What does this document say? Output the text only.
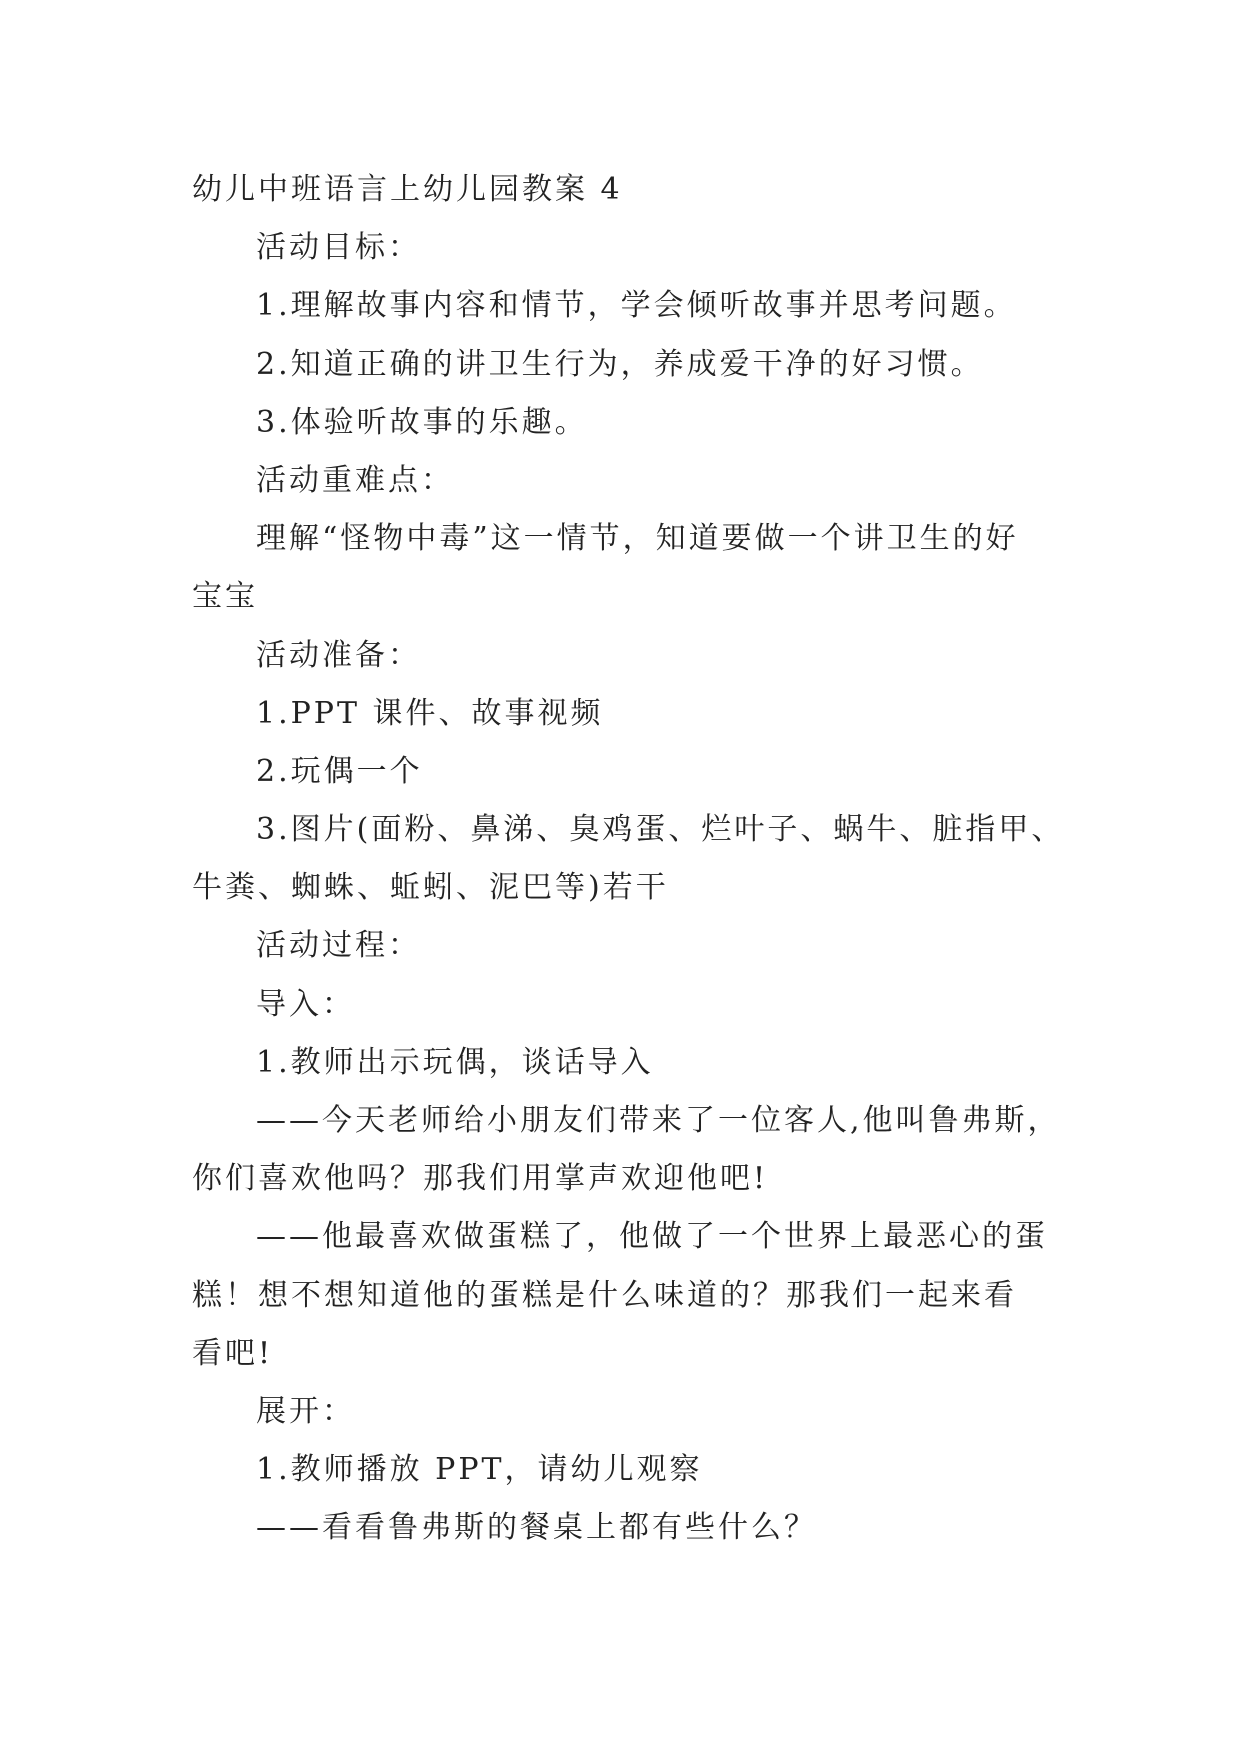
幼儿中班语言上幼儿园教案 4
活动目标：
1.理解故事内容和情节，学会倾听故事并思考问题。
2.知道正确的讲卫生行为，养成爱干净的好习惯。
3.体验听故事的乐趣。
活动重难点：
理解“怪物中毒”这一情节，知道要做一个讲卫生的好
宝宝
活动准备：
1.PPT 课件、故事视频
2.玩偶一个
3.图片(面粉、鼻涕、臭鸡蛋、烂叶子、蜗牛、脏指甲、
牛粪、蜘蛛、蚯蚓、泥巴等)若干
活动过程：
导入：
1.教师出示玩偶，谈话导入
——今天老师给小朋友们带来了一位客人,他叫鲁弗斯，
你们喜欢他吗？那我们用掌声欢迎他吧!
——他最喜欢做蛋糕了，他做了一个世界上最恶心的蛋
糕！想不想知道他的蛋糕是什么味道的？那我们一起来看
看吧!
展开：
1.教师播放 PPT，请幼儿观察
——看看鲁弗斯的餐桌上都有些什么？
